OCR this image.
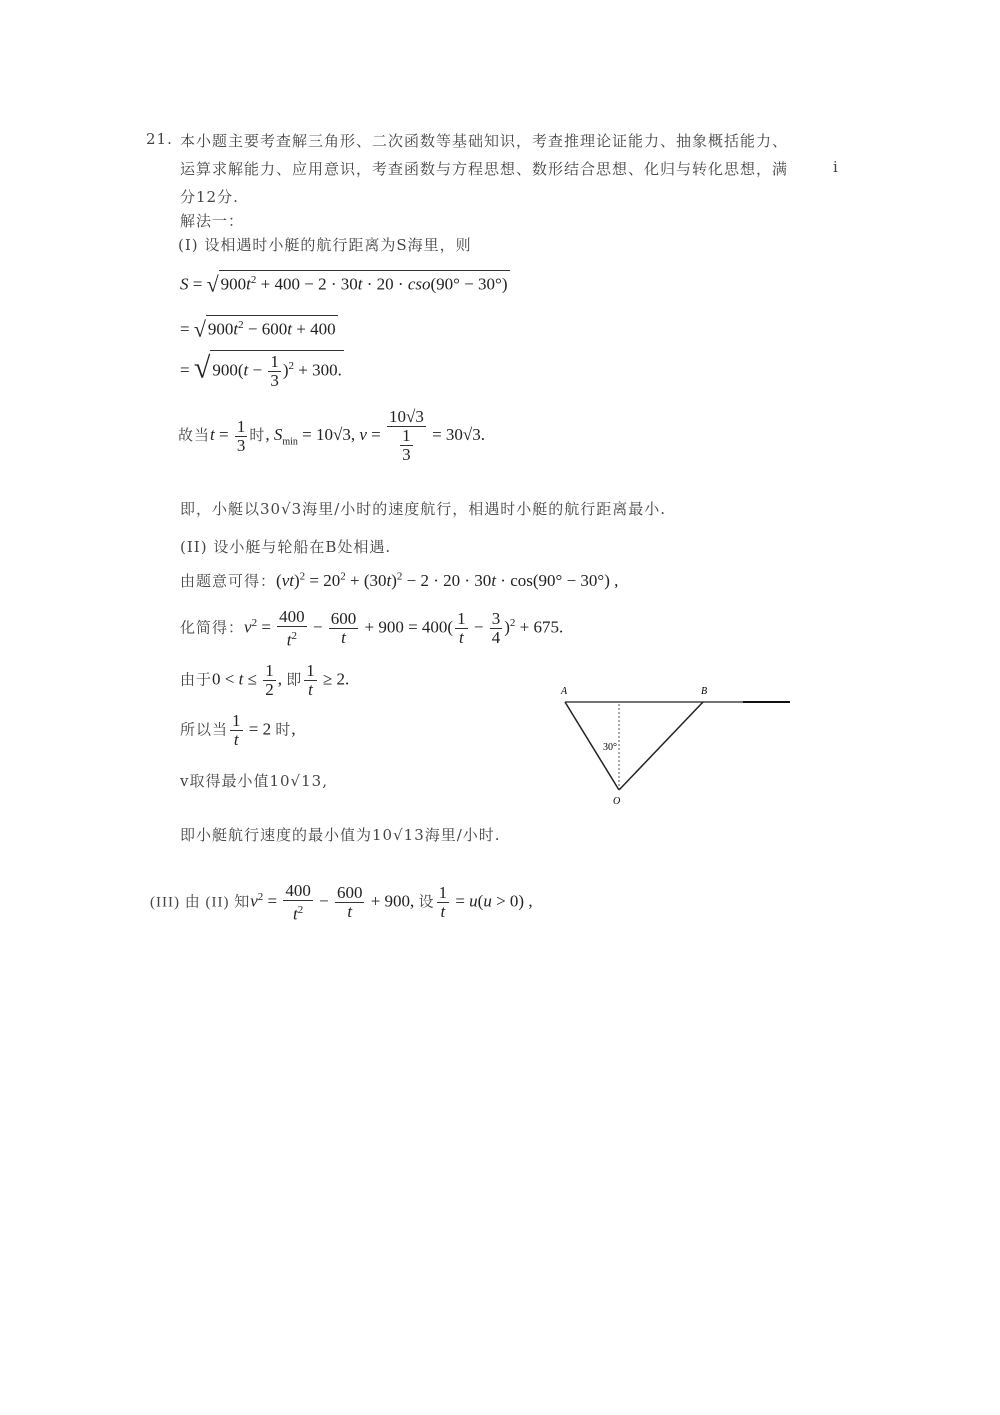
21. 本小题主要考查解三角形、二次函数等基础知识，考查推理论证能力、抽象概括能力、
运算求解能力、应用意识，考查函数与方程思想、数形结合思想、化归与转化思想，满	i
分12分.
解法一：
(I) 设相遇时小艇的航行距离为S海里，则
S = √ $900t^2 + 400 - 2 \cdot 30t \cdot 20 \cdot cso(90^\circ - 30^\circ)$
= √ $900t^2 - 600t + 400$
= √ $900(t - \frac{1}{3} )^2 + 300$.
故当$t = \frac{1}{3}$ 时, $S_{min} = 10√3$, $v = \frac{10√3}{\frac{1}{3}} = 30√3$.
即，小艇以30√3海里/小时的速度航行，相遇时小艇的航行距离最小.
(II) 设小艇与轮船在B处相遇.
由题意可得：$(vt)^2 = 20^2 + (30t)^2 - 2 \cdot 20 \cdot 30t \cdot \cos(90^\circ - 30^\circ)$ ,
化简得：$v^2 = \frac{400}{t^2} - \frac{600}{t} + 900 = 400( \frac{1}{t} - \frac{3}{4} )^2 + 675$.
由于$0 < t \le \frac{1}{2}$ , 即 $\frac{1}{t} \ge 2$.
所以当 $\frac{1}{t} = 2$ 时,
v取得最小值10√13,
即小艇航行速度的最小值为10√13海里/小时.
(III) 由 (II) 知$v^2 = \frac{400}{t^2} - \frac{600}{t} + 900$, 设 $\frac{1}{t} = u(u > 0)$ ,
A	B
O
30°
